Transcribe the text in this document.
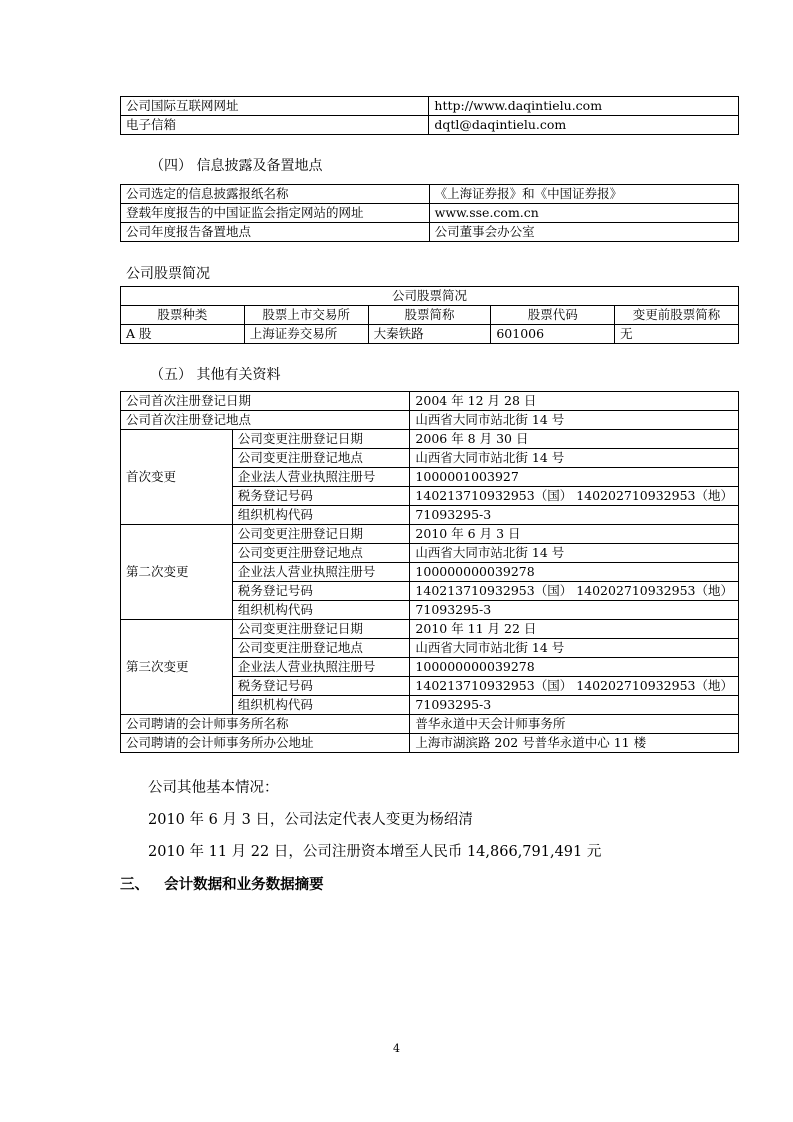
公司国际互联网网址	http://www.daqintielu.com
电子信箱	dqtl@daqintielu.com
（四） 信息披露及备置地点
公司选定的信息披露报纸名称	《上海证券报》和《中国证券报》
登载年度报告的中国证监会指定网站的网址	www.sse.com.cn
公司年度报告备置地点	公司董事会办公室
公司股票简况
公司股票简况				
股票种类	股票上市交易所	股票简称	股票代码	变更前股票简称
A 股	上海证券交易所	大秦铁路	601006	无
（五） 其他有关资料
公司首次注册登记日期		2004 年 12 月 28 日
公司首次注册登记地点		山西省大同市站北街 14 号
首次变更	公司变更注册登记日期	2006 年 8 月 30 日
	公司变更注册登记地点	山西省大同市站北街 14 号
	企业法人营业执照注册号	1000001003927
	税务登记号码	140213710932953（国） 140202710932953（地）
	组织机构代码	71093295-3
第二次变更	公司变更注册登记日期	2010 年 6 月 3 日
	公司变更注册登记地点	山西省大同市站北街 14 号
	企业法人营业执照注册号	100000000039278
	税务登记号码	140213710932953（国） 140202710932953（地）
	组织机构代码	71093295-3
第三次变更	公司变更注册登记日期	2010 年 11 月 22 日
	公司变更注册登记地点	山西省大同市站北街 14 号
	企业法人营业执照注册号	100000000039278
	税务登记号码	140213710932953（国） 140202710932953（地）
	组织机构代码	71093295-3
公司聘请的会计师事务所名称		普华永道中天会计师事务所
公司聘请的会计师事务所办公地址		上海市湖滨路 202 号普华永道中心 11 楼
公司其他基本情况：
2010 年 6 月 3 日，公司法定代表人变更为杨绍清
2010 年 11 月 22 日，公司注册资本增至人民币 14,866,791,491 元
三、   会计数据和业务数据摘要
4
